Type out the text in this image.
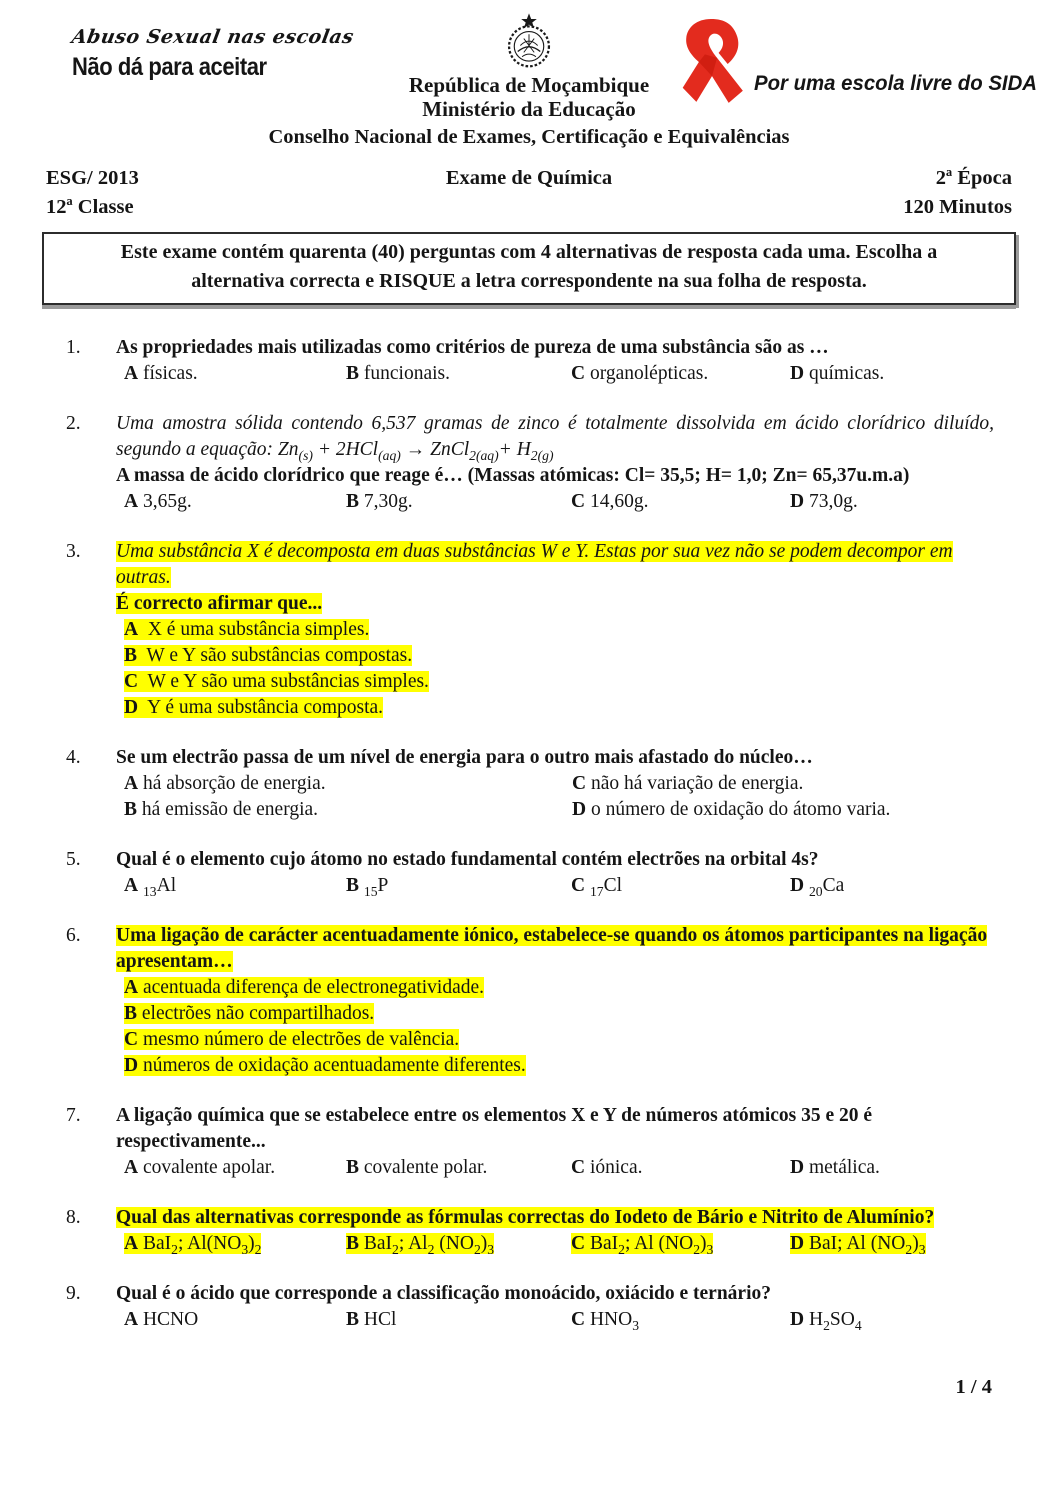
Abuso Sexual nas escolas
Não dá para aceitar
República de Moçambique
Ministério da Educação
Conselho Nacional de Exames, Certificação e Equivalências
Por uma escola livre do SIDA
ESG/ 2013	Exame de Química	2ª Época
12ª Classe	120 Minutos
Este exame contém quarenta (40) perguntas com 4 alternativas de resposta cada uma. Escolha a alternativa correcta e RISQUE a letra correspondente na sua folha de resposta.
1.	As propriedades mais utilizadas como critérios de pureza de uma substância são as …
A físicas.	B funcionais.	C organolépticas.	D químicas.
2.	Uma amostra sólida contendo 6,537 gramas de zinco é totalmente dissolvida em ácido clorídrico diluído, segundo a equação: $Zn_{(s)} + 2HCl_{(aq)}$ → ZnCl$_{2(aq)}$+ $H_{2(g)}$
A massa de ácido clorídrico que reage é… (Massas atómicas: Cl= 35,5; H= 1,0; Zn= 65,37u.m.a)
A 3,65g.	B 7,30g.	C 14,60g.	D 73,0g.
3.	Uma substância X é decomposta em duas substâncias W e Y. Estas por sua vez não se podem decompor em outras.
É correcto afirmar que...
A X é uma substância simples.
B W e Y são substâncias compostas.
C W e Y são uma substâncias simples.
D Y é uma substância composta.
4.	Se um electrão passa de um nível de energia para o outro mais afastado do núcleo…
A há absorção de energia.	C não há variação de energia.
B há emissão de energia.	D o número de oxidação do átomo varia.
5.	Qual é o elemento cujo átomo no estado fundamental contém electrões na orbital 4s?
A $_{13}$Al	B $_{15}$P	C $_{17}$Cl	D $_{20}$Ca
6.	Uma ligação de carácter acentuadamente iónico, estabelece-se quando os átomos participantes na ligação apresentam…
A acentuada diferença de electronegatividade.
B electrões não compartilhados.
C mesmo número de electrões de valência.
D números de oxidação acentuadamente diferentes.
7.	A ligação química que se estabelece entre os elementos X e Y de números atómicos 35 e 20 é respectivamente...
A covalente apolar.	B covalente polar.	C iónica.	D metálica.
8.	Qual das alternativas corresponde as fórmulas correctas do Iodeto de Bário e Nitrito de Alumínio?
A BaI$_2$; $Al(NO_3)_2$	B BaI$_2$; $Al_2$ $(NO_2)_3$	C BaI$_2$; Al $(NO_2)_3$	D BaI; Al $(NO_2)_3$
9.	Qual é o ácido que corresponde a classificação monoácido, oxiácido e ternário?
A HCNO	B HCl	C $HNO_3$	D $H_2SO_4$
1 / 4
